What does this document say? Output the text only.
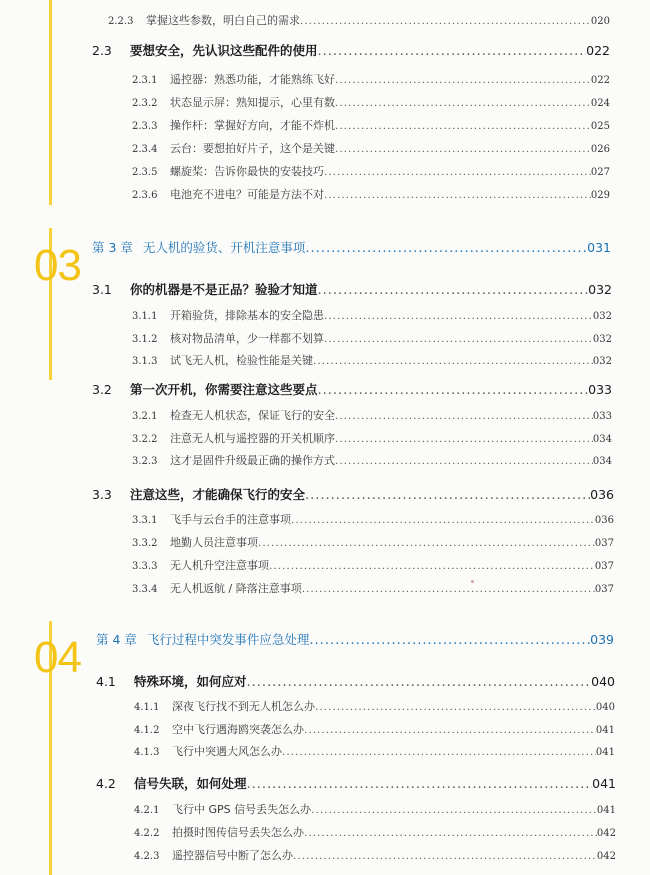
2.2.3	掌握这些参数，明白自己的需求 .....	020
2.3	要想安全，先认识这些配件的使用 .....	022
2.3.1	遥控器：熟悉功能，才能熟练飞好 .....	022
2.3.2	状态显示屏：熟知提示，心里有数 .....	024
2.3.3	操作杆：掌握好方向，才能不炸机 .....	025
2.3.4	云台：要想拍好片子，这个是关键 .....	026
2.3.5	螺旋桨：告诉你最快的安装技巧 .....	027
2.3.6	电池充不进电？可能是方法不对 .....	029
03 第 3 章 无人机的验货、开机注意事项 .....	031
3.1	你的机器是不是正品？验验才知道 .....	032
3.1.1	开箱验货，排除基本的安全隐患 .....	032
3.1.2	核对物品清单，少一样都不划算 .....	032
3.1.3	试飞无人机，检验性能是关键 .....	032
3.2	第一次开机，你需要注意这些要点 .....	033
3.2.1	检查无人机状态，保证飞行的安全 .....	033
3.2.2	注意无人机与遥控器的开关机顺序 .....	034
3.2.3	这才是固件升级最正确的操作方式 .....	034
3.3	注意这些，才能确保飞行的安全 .....	036
3.3.1	飞手与云台手的注意事项 .....	036
3.3.2	地勤人员注意事项 .....	037
3.3.3	无人机升空注意事项 .....	037
3.3.4	无人机返航 / 降落注意事项 .....	037
04 第 4 章 飞行过程中突发事件应急处理 .....	039
4.1	特殊环境，如何应对 .....	040
4.1.1	深夜飞行找不到无人机怎么办 .....	040
4.1.2	空中飞行遇海鸥突袭怎么办 .....	041
4.1.3	飞行中突遇大风怎么办 .....	041
4.2	信号失联，如何处理 .....	041
4.2.1	飞行中 GPS 信号丢失怎么办 .....	041
4.2.2	拍摄时图传信号丢失怎么办 .....	042
4.2.3	遥控器信号中断了怎么办 .....	042
